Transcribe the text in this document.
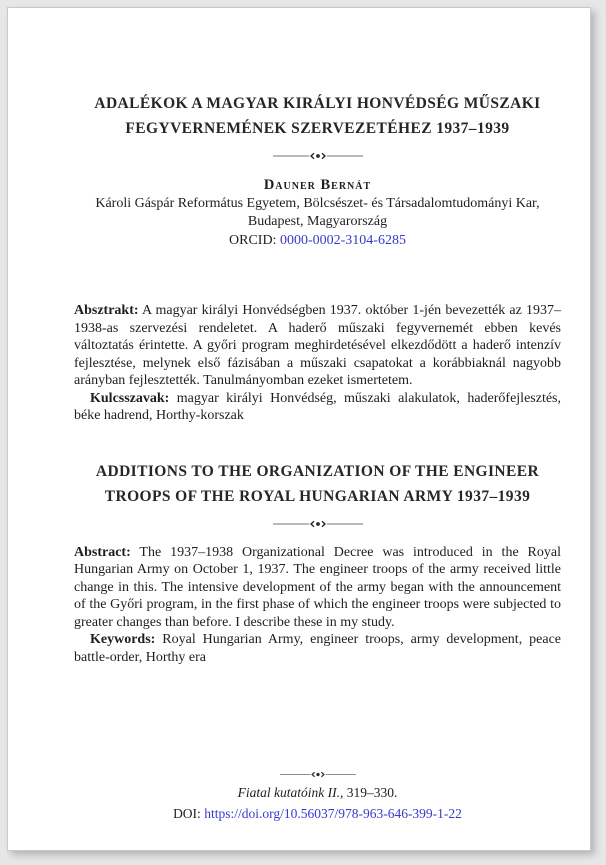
ADALÉKOK A MAGYAR KIRÁLYI HONVÉDSÉG MŰSZAKI FEGYVERNEMÉNEK SZERVEZETÉHEZ 1937–1939
Dauner Bernát
Károli Gáspár Református Egyetem, Bölcsészet- és Társadalomtudományi Kar,
Budapest, Magyarország
ORCID: 0000-0002-3104-6285

Absztrakt: A magyar királyi Honvédségben 1937. október 1-jén bevezették az 1937–1938-as szervezési rendeletet. A haderő műszaki fegyvernemét ebben kevés változtatás érintette. A győri program meghirdetésével elkezdődött a haderő intenzív fejlesztése, melynek első fázisában a műszaki csapatokat a korábbiaknál nagyobb arányban fejlesztették. Tanulmányomban ezeket ismertetem.

Kulcsszavak: magyar királyi Honvédség, műszaki alakulatok, haderőfejlesztés, béke hadrend, Horthy-korszak

ADDITIONS TO THE ORGANIZATION OF THE ENGINEER TROOPS OF THE ROYAL HUNGARIAN ARMY 1937–1939

Abstract: The 1937–1938 Organizational Decree was introduced in the Royal Hungarian Army on October 1, 1937. The engineer troops of the army received little change in this. The intensive development of the army began with the announcement of the Győri program, in the first phase of which the engineer troops were subjected to greater changes than before. I describe these in my study.

Keywords: Royal Hungarian Army, engineer troops, army development, peace battle-order, Horthy era

Fiatal kutatóink II., 319–330.

DOI: https://doi.org/10.56037/978-963-646-399-1-22
